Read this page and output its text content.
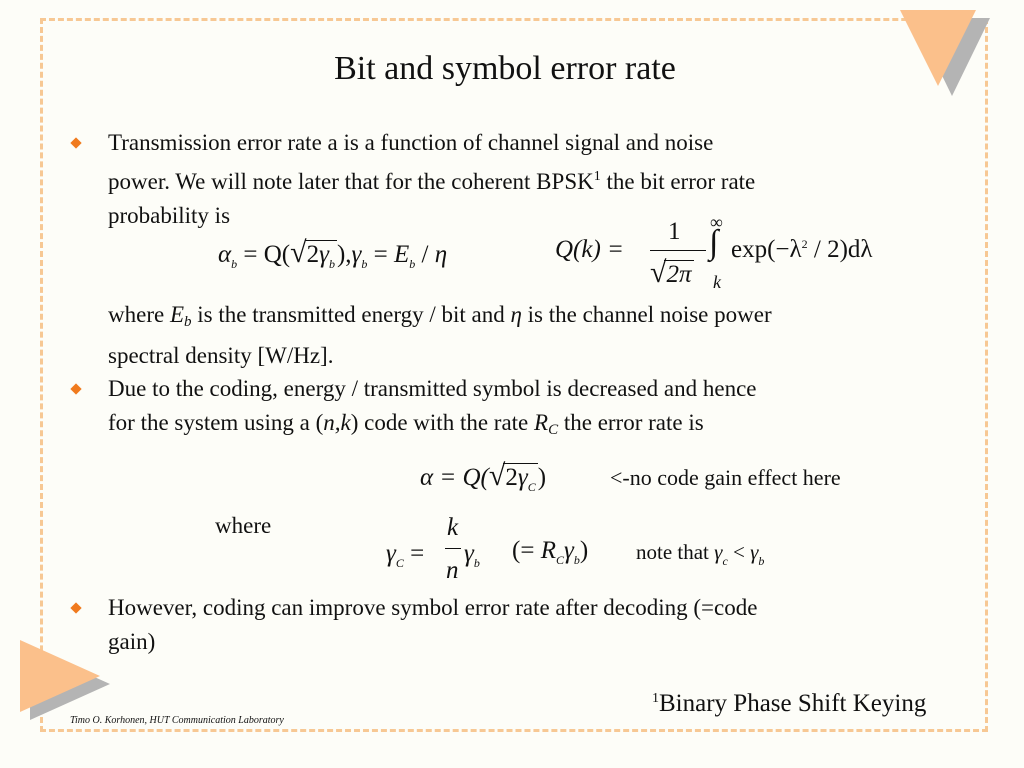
Bit and symbol error rate

Transmission error rate a is a function of channel signal and noise
power. We will note later that for the coherent BPSK$^1$ the bit error rate
probability is

$\alpha_b = Q(√2\gamma_b),\gamma_b = E_b / \eta$	Q(k) =
1
√2π
∫
∞
k
$\exp(-\lambda^2 / 2)d\lambda$

where $E_b$ is the transmitted energy / bit and η is the channel noise power
spectral density [W/Hz].

Due to the coding, energy / transmitted symbol is decreased and hence
for the system using a (n,k) code with the rate $R_C$ the error rate is

$\alpha = Q(√2\gamma_C)$	<-no code gain effect here
where
$\gamma_C$ =
k
n
$\gamma_b$ (= $R_C\gamma_b$) note that $\gamma_c < \gamma_b$

However, coding can improve symbol error rate after decoding (=code
gain)

$^1$Binary Phase Shift Keying
Timo O. Korhonen, HUT Communication Laboratory
